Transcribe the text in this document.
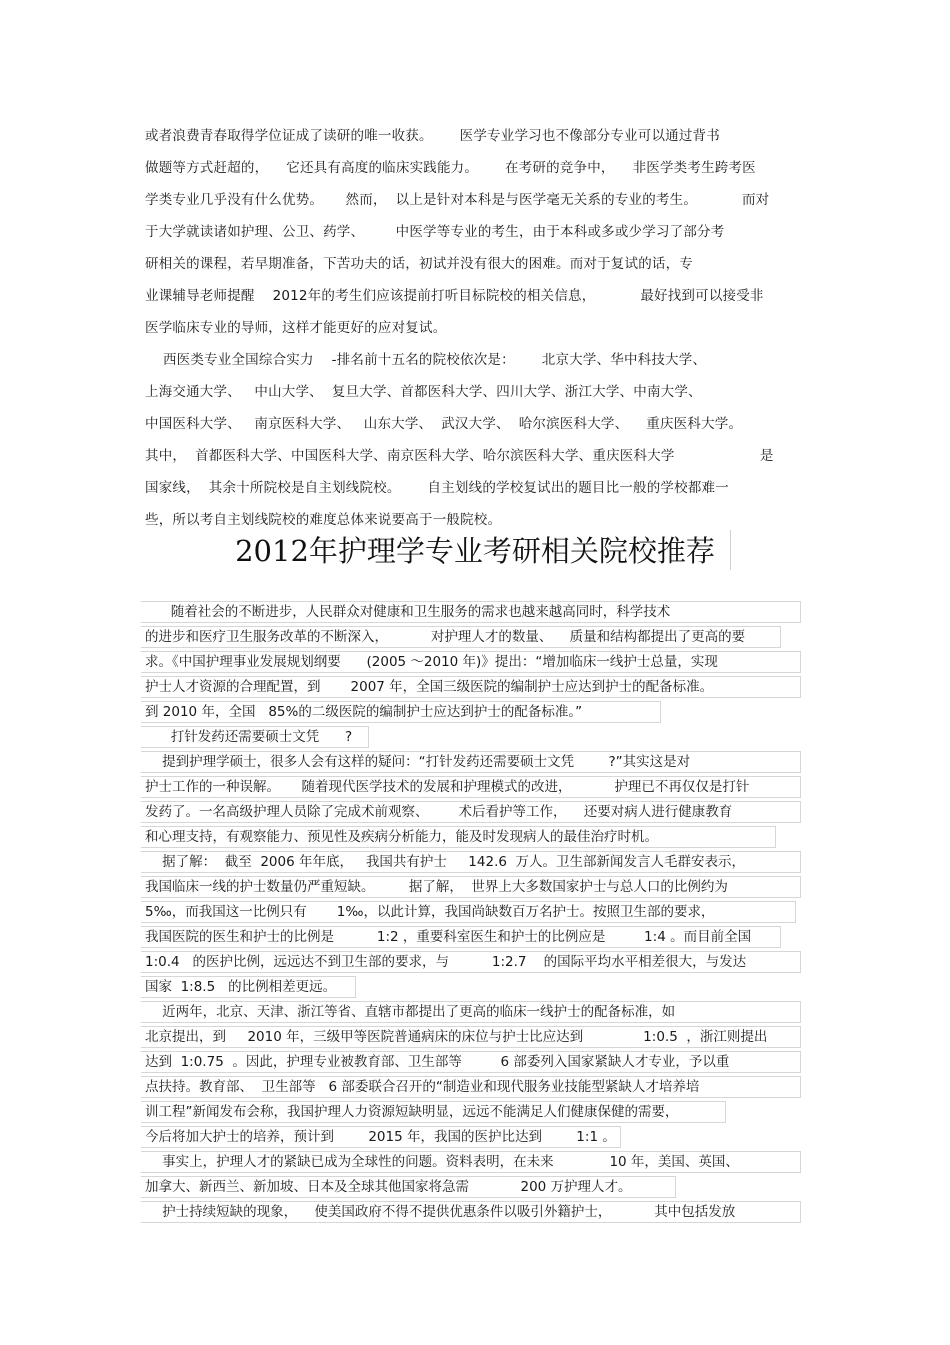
或者浪费青春取得学位证成了读研的唯一收获。      医学专业学习也不像部分专业可以通过背书
做题等方式赶超的，    它还具有高度的临床实践能力。      在考研的竞争中，    非医学类考生跨考医
学类专业几乎没有什么优势。     然而，  以上是针对本科是与医学毫无关系的专业的考生。          而对
于大学就读诸如护理、公卫、药学、       中医学等专业的考生，由于本科或多或少学习了部分考
研相关的课程，若早期准备，下苦功夫的话，初试并没有很大的困难。而对于复试的话，专
业课辅导老师提醒    2012年的考生们应该提前打听目标院校的相关信息，          最好找到可以接受非
医学临床专业的导师，这样才能更好的应对复试。
西医类专业全国综合实力    -排名前十五名的院校依次是：      北京大学、华中科技大学、
上海交通大学、   中山大学、  复旦大学、首都医科大学、四川大学、浙江大学、中南大学、
中国医科大学、   南京医科大学、   山东大学、  武汉大学、  哈尔滨医科大学、    重庆医科大学。
其中，  首都医科大学、中国医科大学、南京医科大学、哈尔滨医科大学、重庆医科大学                   是
国家线，  其余十所院校是自主划线院校。      自主划线的学校复试出的题目比一般的学校都难一
些，所以考自主划线院校的难度总体来说要高于一般院校。
2012年护理学专业考研相关院校推荐
随着社会的不断进步，人民群众对健康和卫生服务的需求也越来越高同时，科学技术
的进步和医疗卫生服务改革的不断深入，          对护理人才的数量、    质量和结构都提出了更高的要
求。《中国护理事业发展规划纲要      (2005 ～2010 年)》提出：“增加临床一线护士总量，实现
护士人才资源的合理配置，到       2007 年，全国三级医院的编制护士应达到护士的配备标准。
到 2010 年，全国   85%的二级医院的编制护士应达到护士的配备标准。”
打针发药还需要硕士文凭      ?
提到护理学硕士，很多人会有这样的疑问：“打针发药还需要硕士文凭        ?”其实这是对
护士工作的一种误解。     随着现代医学技术的发展和护理模式的改进，          护理已不再仅仅是打针
发药了。一名高级护理人员除了完成术前观察、       术后看护等工作，    还要对病人进行健康教育
和心理支持，有观察能力、预见性及疾病分析能力，能及时发现病人的最佳治疗时机。
据了解：  截至  2006 年年底，   我国共有护士     142.6  万人。卫生部新闻发言人毛群安表示，
我国临床一线的护士数量仍严重短缺。        据了解，  世界上大多数国家护士与总人口的比例约为
5‰，而我国这一比例只有       1‰，以此计算，我国尚缺数百万名护士。按照卫生部的要求，
我国医院的医生和护士的比例是          1:2 ，重要科室医生和护士的比例应是         1:4 。而目前全国
1:0.4   的医护比例，远远达不到卫生部的要求，与          1:2.7    的国际平均水平相差很大，与发达
国家  1:8.5   的比例相差更远。
近两年，北京、天津、浙江等省、直辖市都提出了更高的临床一线护士的配备标准，如
北京提出，到     2010 年，三级甲等医院普通病床的床位与护士比应达到              1:0.5  ，浙江则提出
达到  1:0.75  。因此，护理专业被教育部、卫生部等         6 部委列入国家紧缺人才专业，予以重
点扶持。教育部、  卫生部等   6 部委联合召开的“制造业和现代服务业技能型紧缺人才培养培
训工程”新闻发布会称，我国护理人力资源短缺明显，远远不能满足人们健康保健的需要，
今后将加大护士的培养，预计到        2015 年，我国的医护比达到        1:1 。
事实上，护理人才的紧缺已成为全球性的问题。资料表明，在未来             10 年，美国、英国、
加拿大、新西兰、新加坡、日本及全球其他国家将急需            200 万护理人才。
护士持续短缺的现象，    使美国政府不得不提供优惠条件以吸引外籍护士，          其中包括发放
